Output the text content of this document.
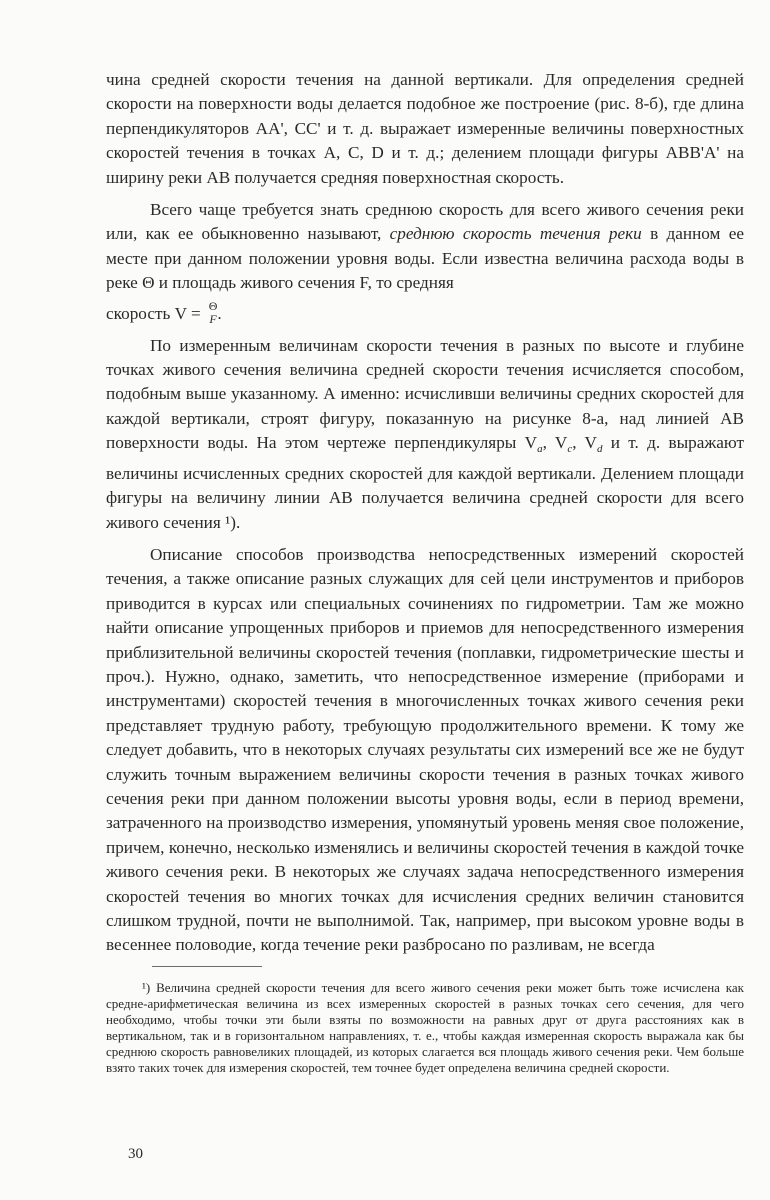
чина средней скорости течения на данной вертикали. Для определения средней скорости на поверхности воды делается подобное же построение (рис. 8-б), где длина перпендикуляторов AA', CC' и т. д. выражает измеренные величины поверхностных скоростей течения в точках A, C, D и т. д.; делением площади фигуры ABB'A' на ширину реки AB получается средняя поверхностная скорость.

Всего чаще требуется знать среднюю скорость для всего живого сечения реки или, как ее обыкновенно называют, среднюю скорость течения реки в данном ее месте при данном положении уровня воды. Если известна величина расхода воды в реке Θ и площадь живого сечения F, то средняя

скорость V = Θ
F .

По измеренным величинам скорости течения в разных по высоте и глубине точках живого сечения величина средней скорости течения исчисляется способом, подобным выше указанному. А именно: исчисливши величины средних скоростей для каждой вертикали, строят фигуру, показанную на рисунке 8-а, над линией AB поверхности воды. На этом чертеже перпендикуляры $V_a$, $V_c$, $V_d$ и т. д. выражают величины исчисленных средних скоростей для каждой вертикали. Делением площади фигуры на величину линии AB получается величина средней скорости для всего живого сечения ¹).

Описание способов производства непосредственных измерений скоростей течения, а также описание разных служащих для сей цели инструментов и приборов приводится в курсах или специальных сочинениях по гидрометрии. Там же можно найти описание упрощенных приборов и приемов для непосредственного измерения приблизительной величины скоростей течения (поплавки, гидрометрические шесты и проч.). Нужно, однако, заметить, что непосредственное измерение (приборами и инструментами) скоростей течения в многочисленных точках живого сечения реки представляет трудную работу, требующую продолжительного времени. К тому же следует добавить, что в некоторых случаях результаты сих измерений все же не будут служить точным выражением величины скорости течения в разных точках живого сечения реки при данном положении высоты уровня воды, если в период времени, затраченного на производство измерения, упомянутый уровень меняя свое положение, причем, конечно, несколько изменялись и величины скоростей течения в каждой точке живого сечения реки. В некоторых же случаях задача непосредственного измерения скоростей течения во многих точках для исчисления средних величин становится слишком трудной, почти не выполнимой. Так, например, при высоком уровне воды в весеннее половодие, когда течение реки разбросано по разливам, не всегда

¹) Величина средней скорости течения для всего живого сечения реки может быть тоже исчислена как средне-арифметическая величина из всех измеренных скоростей в разных точках сего сечения, для чего необходимо, чтобы точки эти были взяты по возможности на равных друг от друга расстояниях как в вертикальном, так и в горизонтальном направлениях, т. е., чтобы каждая измеренная скорость выражала как бы среднюю скорость равновеликих площадей, из которых слагается вся площадь живого сечения реки. Чем больше взято таких точек для измерения скоростей, тем точнее будет определена величина средней скорости.

30
